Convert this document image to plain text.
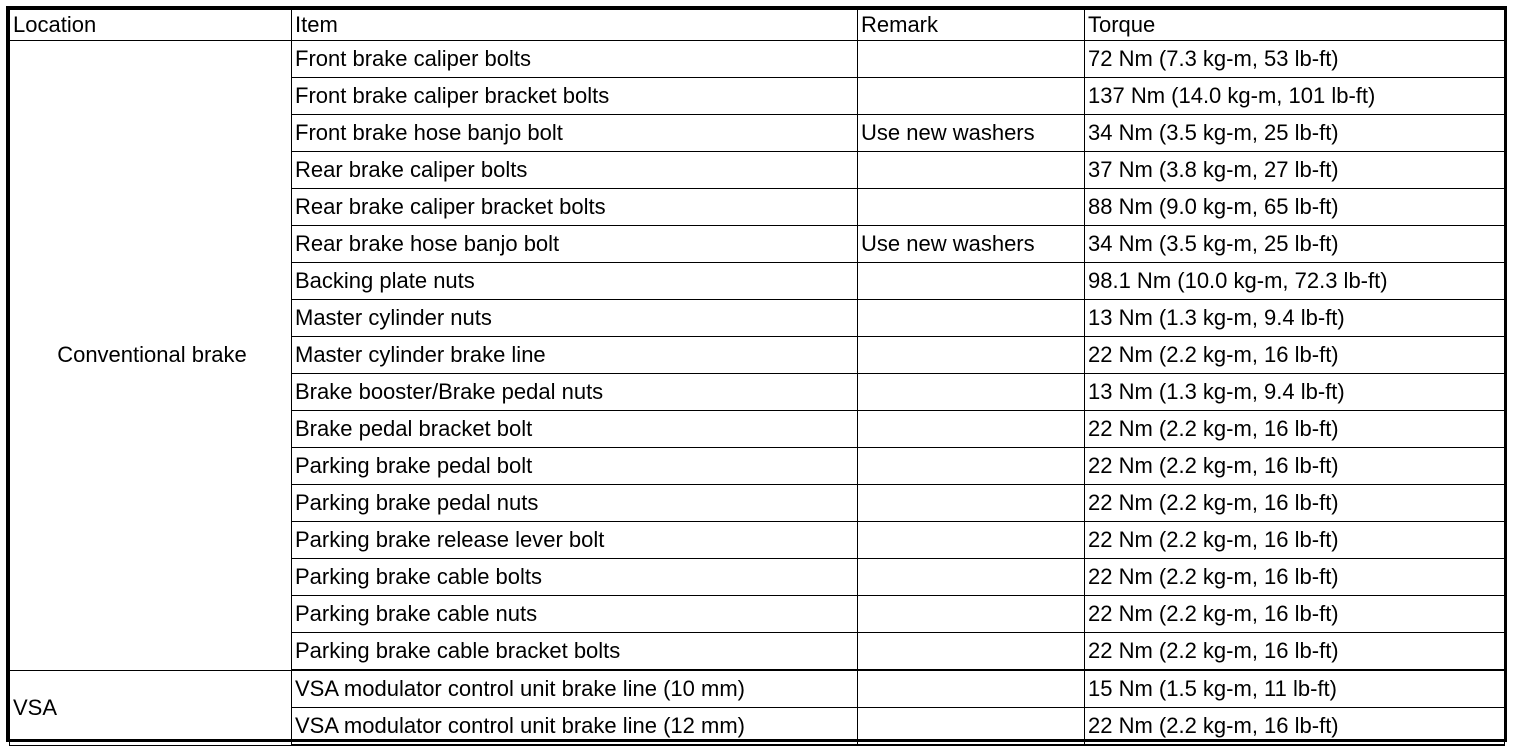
Location	Item	Remark	Torque
Conventional brake	Front brake caliper bolts		72 Nm (7.3 kg-m, 53 lb-ft)
	Front brake caliper bracket bolts		137 Nm (14.0 kg-m, 101 lb-ft)
	Front brake hose banjo bolt	Use new washers	34 Nm (3.5 kg-m, 25 lb-ft)
	Rear brake caliper bolts		37 Nm (3.8 kg-m, 27 lb-ft)
	Rear brake caliper bracket bolts		88 Nm (9.0 kg-m, 65 lb-ft)
	Rear brake hose banjo bolt	Use new washers	34 Nm (3.5 kg-m, 25 lb-ft)
	Backing plate nuts		98.1 Nm (10.0 kg-m, 72.3 lb-ft)
	Master cylinder nuts		13 Nm (1.3 kg-m, 9.4 lb-ft)
	Master cylinder brake line		22 Nm (2.2 kg-m, 16 lb-ft)
	Brake booster/Brake pedal nuts		13 Nm (1.3 kg-m, 9.4 lb-ft)
	Brake pedal bracket bolt		22 Nm (2.2 kg-m, 16 lb-ft)
	Parking brake pedal bolt		22 Nm (2.2 kg-m, 16 lb-ft)
	Parking brake pedal nuts		22 Nm (2.2 kg-m, 16 lb-ft)
	Parking brake release lever bolt		22 Nm (2.2 kg-m, 16 lb-ft)
	Parking brake cable bolts		22 Nm (2.2 kg-m, 16 lb-ft)
	Parking brake cable nuts		22 Nm (2.2 kg-m, 16 lb-ft)
	Parking brake cable bracket bolts		22 Nm (2.2 kg-m, 16 lb-ft)
VSA	VSA modulator control unit brake line (10 mm)		15 Nm (1.5 kg-m, 11 lb-ft)
	VSA modulator control unit brake line (12 mm)		22 Nm (2.2 kg-m, 16 lb-ft)
